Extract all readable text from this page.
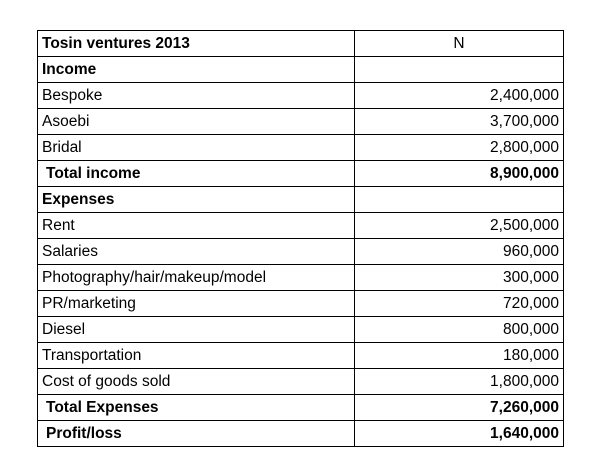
Tosin ventures 2013	N
Income	
Bespoke	2,400,000
Asoebi	3,700,000
Bridal	2,800,000
Total income	8,900,000
Expenses	
Rent	2,500,000
Salaries	960,000
Photography/hair/makeup/model	300,000
PR/marketing	720,000
Diesel	800,000
Transportation	180,000
Cost of goods sold	1,800,000
Total Expenses	7,260,000
Profit/loss	1,640,000
